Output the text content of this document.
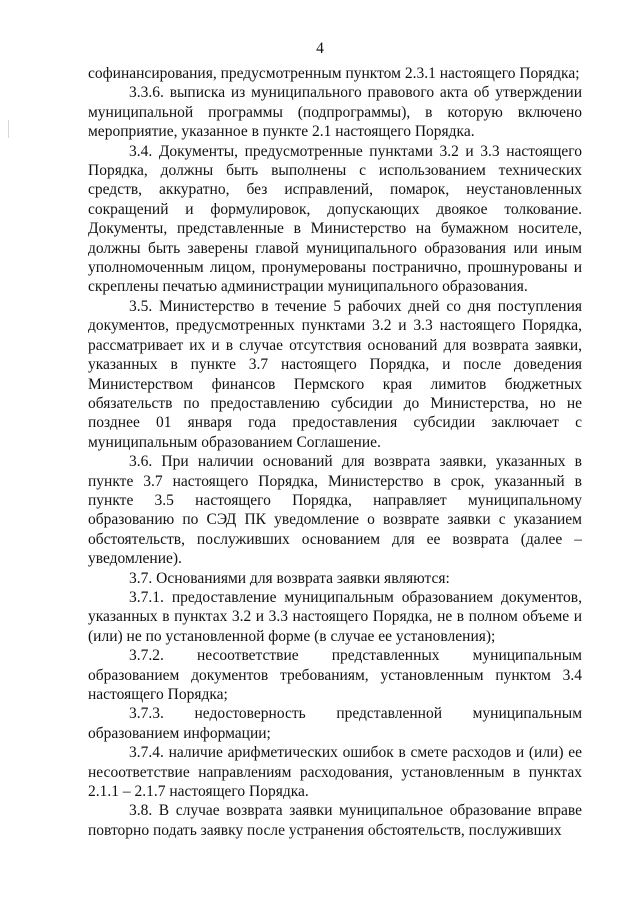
4

софинансирования, предусмотренным пунктом 2.3.1 настоящего Порядка;

3.3.6. выписка из муниципального правового акта об утверждении муниципальной программы (подпрограммы), в которую включено мероприятие, указанное в пункте 2.1 настоящего Порядка.

3.4. Документы, предусмотренные пунктами 3.2 и 3.3 настоящего Порядка, должны быть выполнены с использованием технических средств, аккуратно, без исправлений, помарок, неустановленных сокращений и формулировок, допускающих двоякое толкование. Документы, представленные в Министерство на бумажном носителе, должны быть заверены главой муниципального образования или иным уполномоченным лицом, пронумерованы постранично, прошнурованы и скреплены печатью администрации муниципального образования.

3.5. Министерство в течение 5 рабочих дней со дня поступления документов, предусмотренных пунктами 3.2 и 3.3 настоящего Порядка, рассматривает их и в случае отсутствия оснований для возврата заявки, указанных в пункте 3.7 настоящего Порядка, и после доведения Министерством финансов Пермского края лимитов бюджетных обязательств по предоставлению субсидии до Министерства, но не позднее 01 января года предоставления субсидии заключает с муниципальным образованием Соглашение.

3.6. При наличии оснований для возврата заявки, указанных в пункте 3.7 настоящего Порядка, Министерство в срок, указанный в пункте 3.5 настоящего Порядка, направляет муниципальному образованию по СЭД ПК уведомление о возврате заявки с указанием обстоятельств, послуживших основанием для ее возврата (далее – уведомление).

3.7. Основаниями для возврата заявки являются:

3.7.1. предоставление муниципальным образованием документов, указанных в пунктах 3.2 и 3.3 настоящего Порядка, не в полном объеме и (или) не по установленной форме (в случае ее установления);

3.7.2. несоответствие представленных муниципальным образованием документов требованиям, установленным пунктом 3.4 настоящего Порядка;

3.7.3. недостоверность представленной муниципальным образованием информации;

3.7.4. наличие арифметических ошибок в смете расходов и (или) ее несоответствие направлениям расходования, установленным в пунктах 2.1.1 – 2.1.7 настоящего Порядка.

3.8. В случае возврата заявки муниципальное образование вправе повторно подать заявку после устранения обстоятельств, послуживших
